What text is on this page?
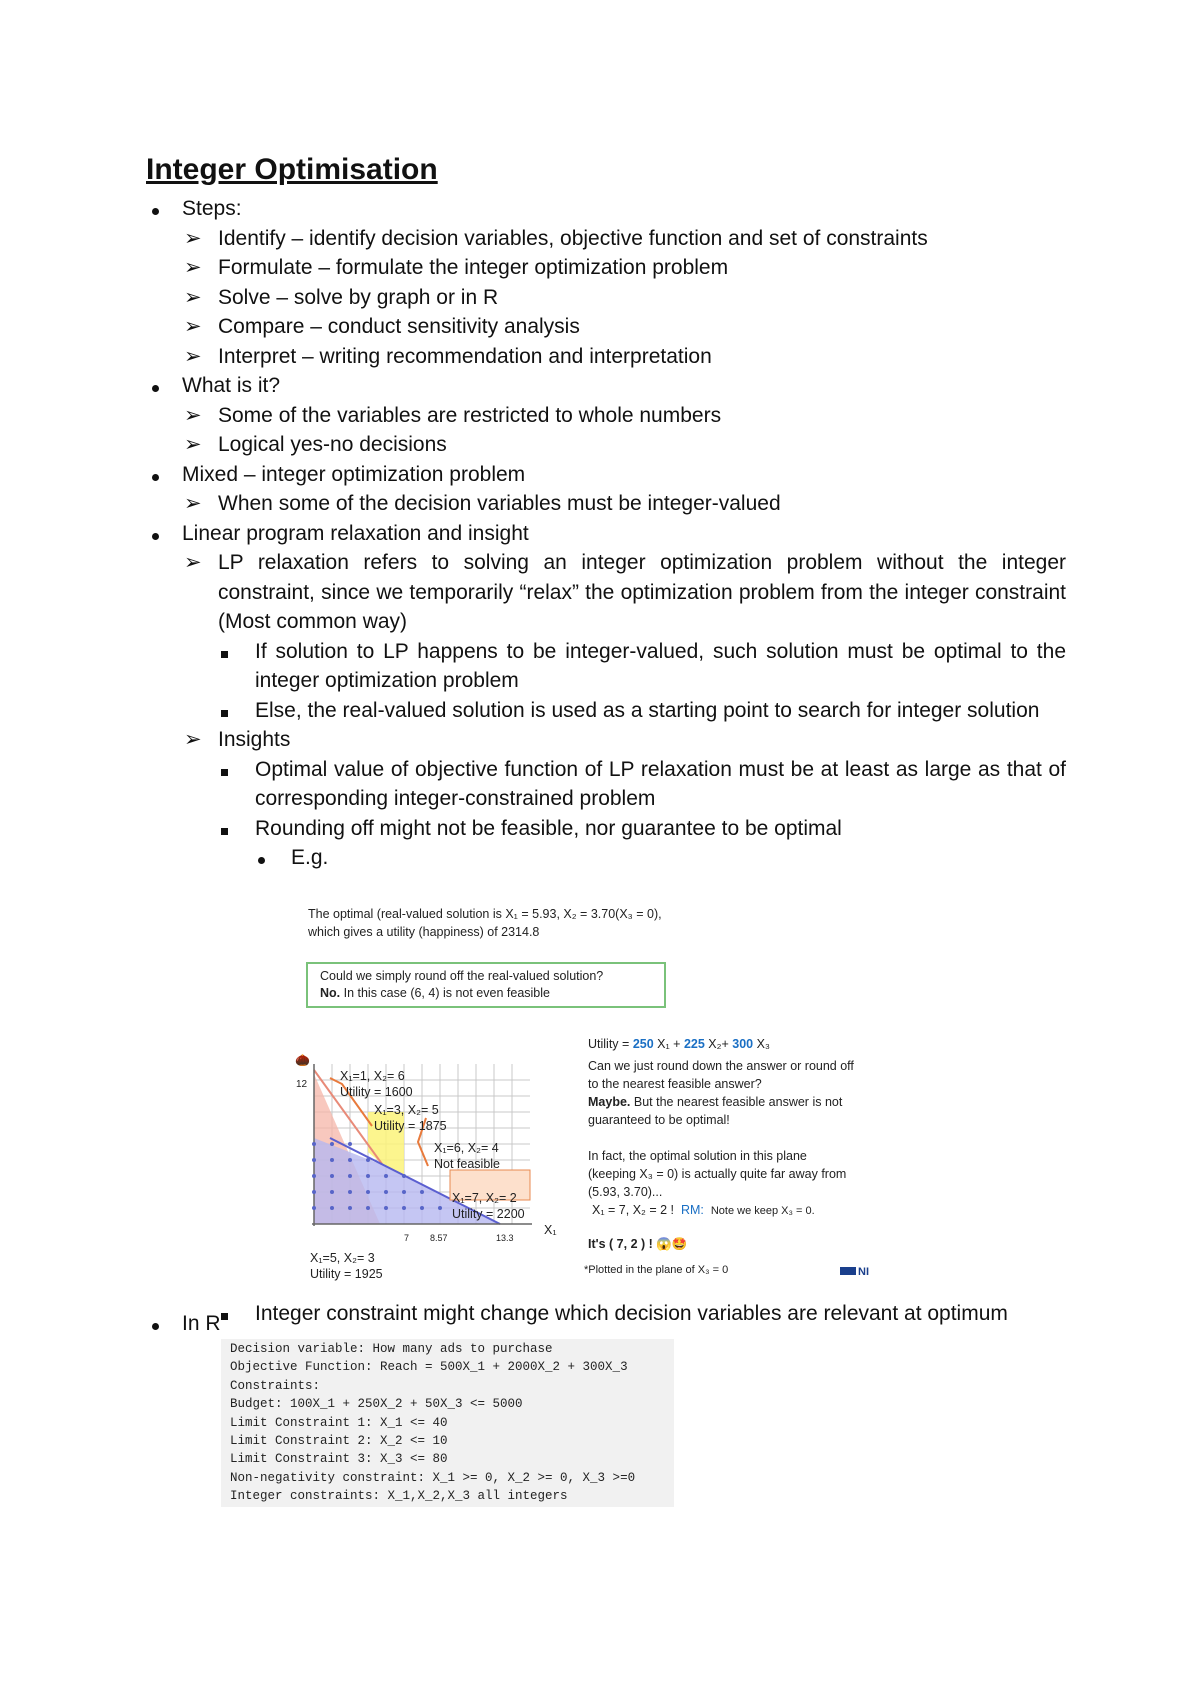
Integer Optimisation
Steps:
➢ Identify – identify decision variables, objective function and set of constraints
➢ Formulate – formulate the integer optimization problem
➢ Solve – solve by graph or in R
➢ Compare – conduct sensitivity analysis
➢ Interpret – writing recommendation and interpretation
What is it?
➢ Some of the variables are restricted to whole numbers
➢ Logical yes-no decisions
Mixed – integer optimization problem
➢ When some of the decision variables must be integer-valued
Linear program relaxation and insight
➢ LP relaxation refers to solving an integer optimization problem without the integer constraint, since we temporarily “relax” the optimization problem from the integer constraint (Most common way)
If solution to LP happens to be integer-valued, such solution must be optimal to the integer optimization problem
Else, the real-valued solution is used as a starting point to search for integer solution
➢ Insights
Optimal value of objective function of LP relaxation must be at least as large as that of corresponding integer-constrained problem
Rounding off might not be feasible, nor guarantee to be optimal
E.g.
The optimal (real-valued solution is X₁ = 5.93, X₂ = 3.70(X₃ = 0),
which gives a utility (happiness) of 2314.8
Could we simply round off the real-valued solution?
No. In this case (6, 4) is not even feasible
🌰
12
X₁=1, X₂= 6
Utility = 1600
X₁=3, X₂= 5
Utility = 1875
X₁=6, X₂= 4
Not feasible
X₁=7, X₂= 2
Utility = 2200
7 8.57	13.3
X₁
X₁=5, X₂= 3
Utility = 1925
Utility = 250 X₁ + 225 X₂+ 300 X₃
Can we just round down the answer or round off
to the nearest feasible answer?
Maybe. But the nearest feasible answer is not
guaranteed to be optimal!
In fact, the optimal solution in this plane
(keeping X₃ = 0) is actually quite far away from
(5.93, 3.70)...
X₁ = 7, X₂ = 2 ! RM: Note we keep X₃ = 0.
It's ( 7, 2 ) ! 😱🤩
*Plotted in the plane of X₃ = 0	NI
Integer constraint might change which decision variables are relevant at optimum
In R
Decision variable: How many ads to purchase
Objective Function: Reach = 500X_1 + 2000X_2 + 300X_3
Constraints:
Budget: 100X_1 + 250X_2 + 50X_3 <= 5000
Limit Constraint 1: X_1 <= 40
Limit Constraint 2: X_2 <= 10
Limit Constraint 3: X_3 <= 80
Non-negativity constraint: X_1 >= 0, X_2 >= 0, X_3 >=0
Integer constraints: X_1,X_2,X_3 all integers
